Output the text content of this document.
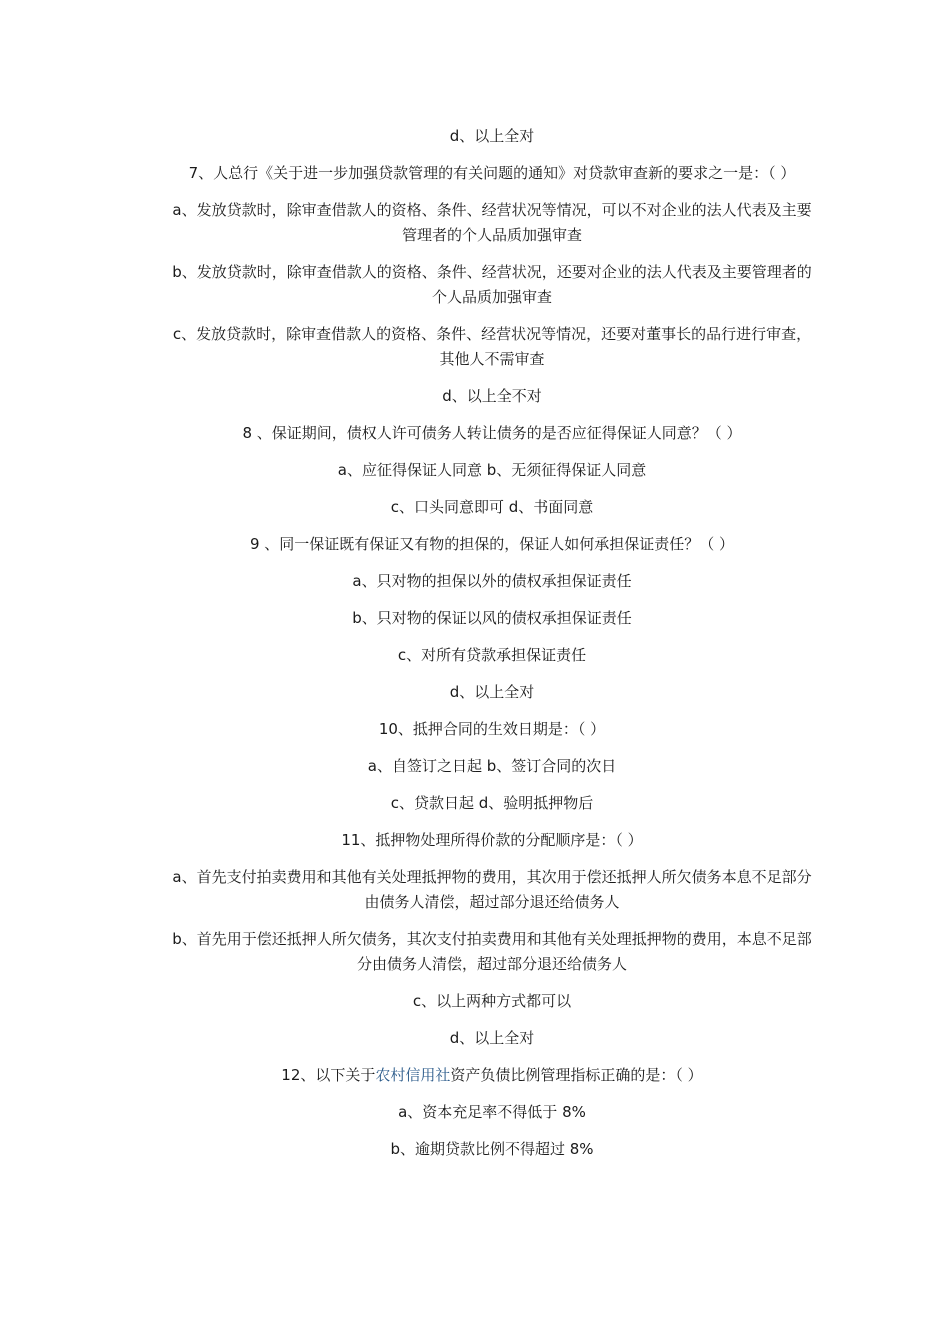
d、以上全对

7、人总行《关于进一步加强贷款管理的有关问题的通知》对贷款审查新的要求之一是：（ ）

a、发放贷款时，除审查借款人的资格、条件、经营状况等情况，可以不对企业的法人代表及主要管理者的个人品质加强审查

b、发放贷款时，除审查借款人的资格、条件、经营状况，还要对企业的法人代表及主要管理者的个人品质加强审查

c、发放贷款时，除审查借款人的资格、条件、经营状况等情况，还要对董事长的品行进行审查，其他人不需审查

d、以上全不对

8 、保证期间，债权人许可债务人转让债务的是否应征得保证人同意？（ ）

a、应征得保证人同意 b、无须征得保证人同意

c、口头同意即可 d、书面同意

9 、同一保证既有保证又有物的担保的，保证人如何承担保证责任？（ ）

a、只对物的担保以外的债权承担保证责任

b、只对物的保证以风的债权承担保证责任

c、对所有贷款承担保证责任

d、以上全对

10、抵押合同的生效日期是：（ ）

a、自签订之日起 b、签订合同的次日

c、贷款日起 d、验明抵押物后

11、抵押物处理所得价款的分配顺序是：（ ）

a、首先支付拍卖费用和其他有关处理抵押物的费用，其次用于偿还抵押人所欠债务本息不足部分由债务人清偿，超过部分退还给债务人

b、首先用于偿还抵押人所欠债务，其次支付拍卖费用和其他有关处理抵押物的费用，本息不足部分由债务人清偿，超过部分退还给债务人

c、以上两种方式都可以

d、以上全对

12、以下关于农村信用社资产负债比例管理指标正确的是：（ ）

a、资本充足率不得低于 8%

b、逾期贷款比例不得超过 8%
